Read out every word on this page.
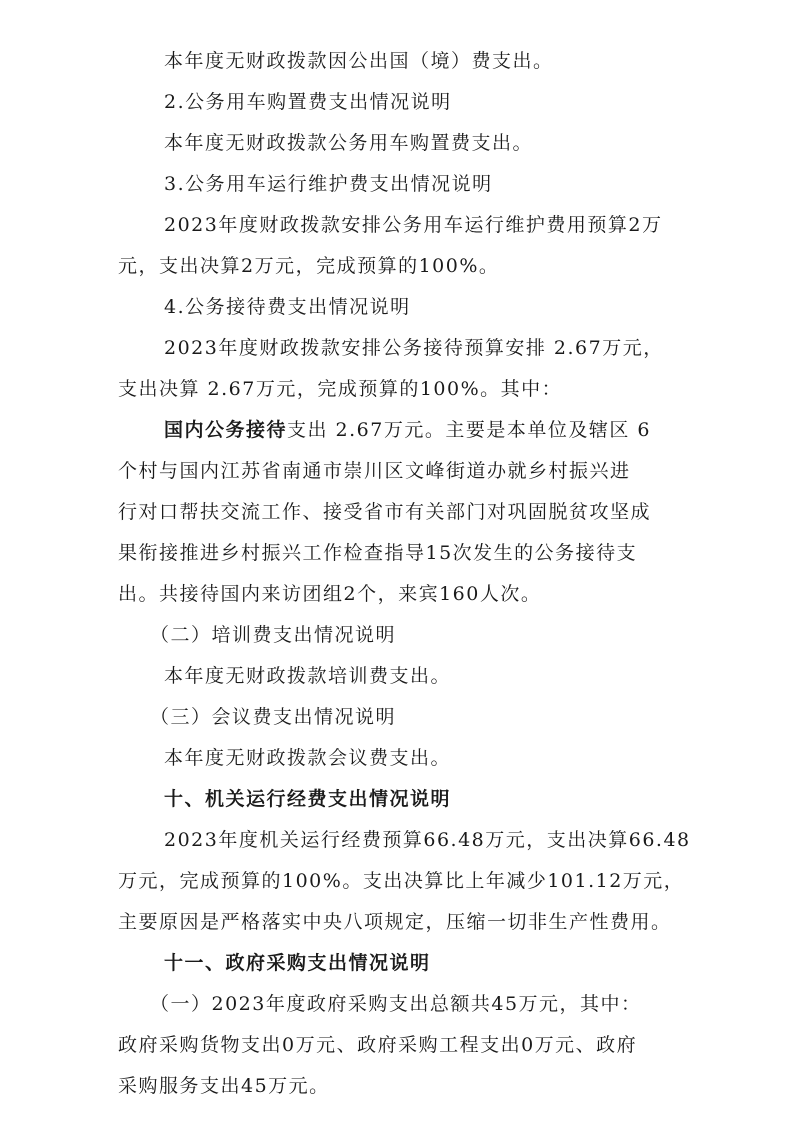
本年度无财政拨款因公出国（境）费支出。
2.公务用车购置费支出情况说明
本年度无财政拨款公务用车购置费支出。
3.公务用车运行维护费支出情况说明
2023年度财政拨款安排公务用车运行维护费用预算2万
元，支出决算2万元，完成预算的100%。
4.公务接待费支出情况说明
2023年度财政拨款安排公务接待预算安排 2.67万元，
支出决算 2.67万元，完成预算的100%。其中：
国内公务接待支出 2.67万元。主要是本单位及辖区 6
个村与国内江苏省南通市崇川区文峰街道办就乡村振兴进
行对口帮扶交流工作、接受省市有关部门对巩固脱贫攻坚成
果衔接推进乡村振兴工作检查指导15次发生的公务接待支
出。共接待国内来访团组2个，来宾160人次。
（二）培训费支出情况说明
本年度无财政拨款培训费支出。
（三）会议费支出情况说明
本年度无财政拨款会议费支出。
十、机关运行经费支出情况说明
2023年度机关运行经费预算66.48万元，支出决算66.48
万元，完成预算的100%。支出决算比上年减少101.12万元，
主要原因是严格落实中央八项规定，压缩一切非生产性费用。
十一、政府采购支出情况说明
（一）2023年度政府采购支出总额共45万元，其中：
政府采购货物支出0万元、政府采购工程支出0万元、政府
采购服务支出45万元。
